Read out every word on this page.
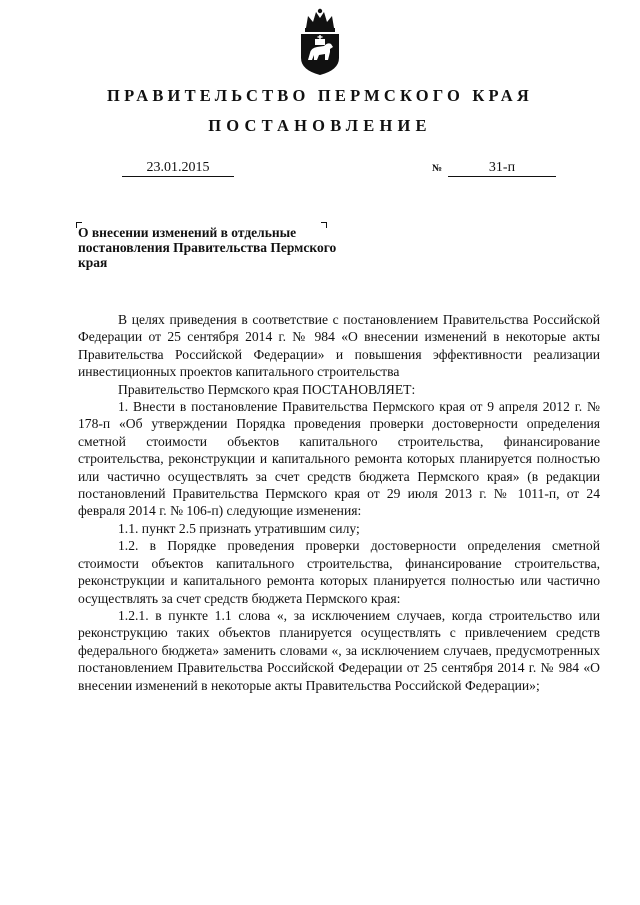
ПРАВИТЕЛЬСТВО ПЕРМСКОГО КРАЯ
ПОСТАНОВЛЕНИЕ
23.01.2015	№	31-п
О внесении изменений в отдельные постановления Правительства Пермского края

В целях приведения в соответствие с постановлением Правительства Российской Федерации от 25 сентября 2014 г. № 984 «О внесении изменений в некоторые акты Правительства Российской Федерации» и повышения эффективности реализации инвестиционных проектов капитального строительства

Правительство Пермского края ПОСТАНОВЛЯЕТ:

1. Внести в постановление Правительства Пермского края от 9 апреля 2012 г. № 178-п «Об утверждении Порядка проведения проверки достоверности определения сметной стоимости объектов капитального строительства, финансирование строительства, реконструкции и капитального ремонта которых планируется полностью или частично осуществлять за счет средств бюджета Пермского края» (в редакции постановлений Правительства Пермского края от 29 июля 2013 г. № 1011-п, от 24 февраля 2014 г. № 106-п) следующие изменения:

1.1. пункт 2.5 признать утратившим силу;

1.2. в Порядке проведения проверки достоверности определения сметной стоимости объектов капитального строительства, финансирование строительства, реконструкции и капитального ремонта которых планируется полностью или частично осуществлять за счет средств бюджета Пермского края:

1.2.1. в пункте 1.1 слова «, за исключением случаев, когда строительство или реконструкцию таких объектов планируется осуществлять с привлечением средств федерального бюджета» заменить словами «, за исключением случаев, предусмотренных постановлением Правительства Российской Федерации от 25 сентября 2014 г. № 984 «О внесении изменений в некоторые акты Правительства Российской Федерации»;
